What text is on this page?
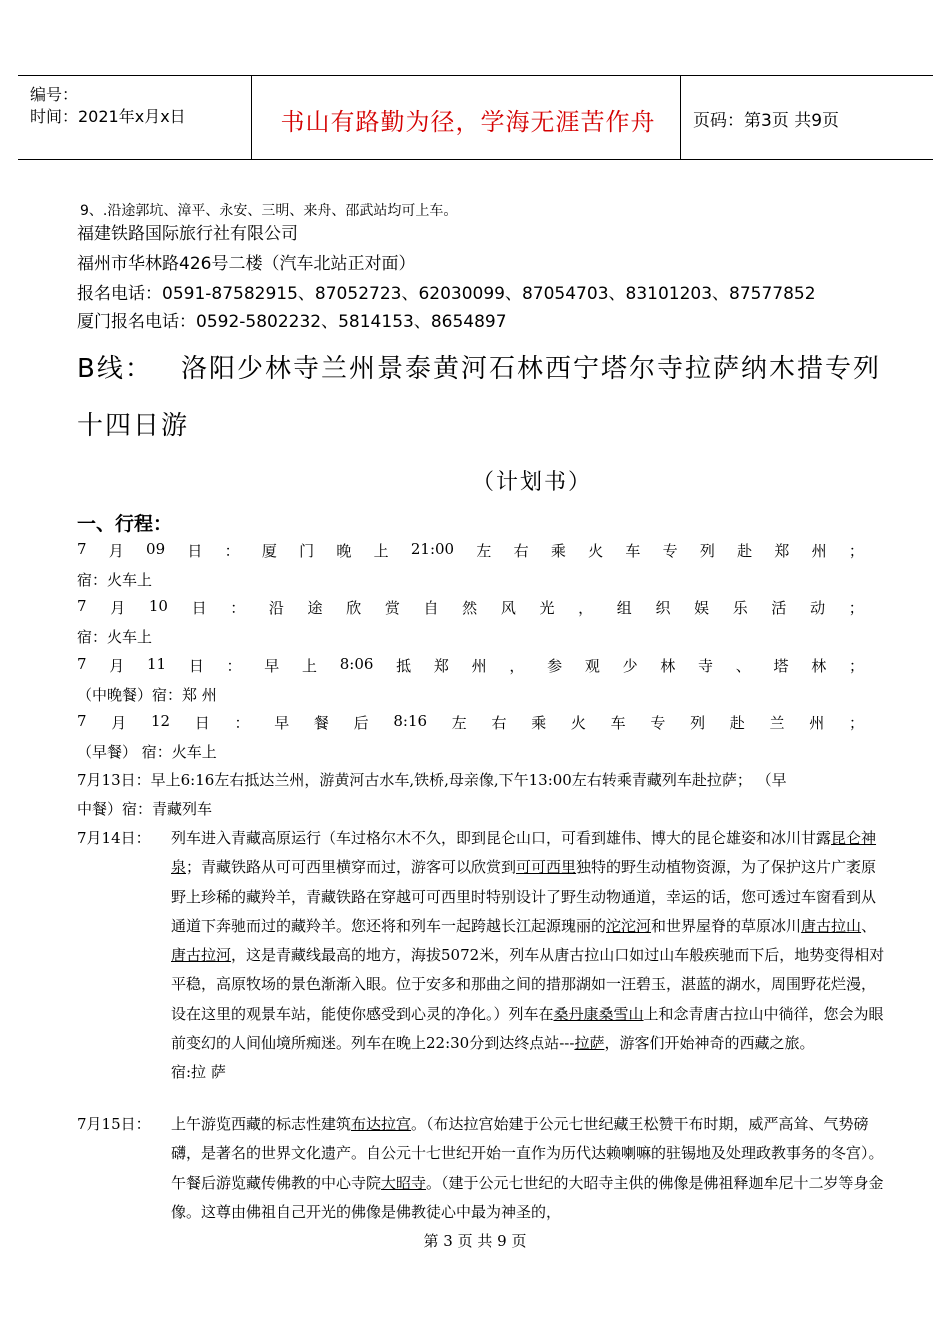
编号：
时间：2021年x月x日	书山有路勤为径，学海无涯苦作舟	页码：第3页 共9页
9、.沿途郭坑、漳平、永安、三明、来舟、邵武站均可上车。
福建铁路国际旅行社有限公司
福州市华林路426号二楼（汽车北站正对面）
报名电话：0591-87582915、87052723、62030099、87054703、83101203、87577852
厦门报名电话：0592-5802232、5814153、8654897
B线： 洛阳少林寺兰州景泰黄河石林西宁塔尔寺拉萨纳木措专列
十四日游
（计划书）
一、行程：
7 月 09 日 ： 厦 门 晚 上 21:00 左 右 乘 火 车 专 列 赴 郑 州 ；
宿：火车上
7 月 10 日 ： 沿 途 欣 赏 自 然 风 光 ， 组 织 娱 乐 活 动 ；
宿：火车上
7 月 11 日 ： 早 上 8:06 抵 郑 州 ， 参 观 少 林 寺 、 塔 林 ；
（中晚餐）宿：郑 州
7 月 12 日 ： 早 餐 后 8:16 左 右 乘 火 车 专 列 赴 兰 州 ；
（早餐） 宿：火车上
7月13日：早上6:16左右抵达兰州，游黄河古水车,铁桥,母亲像,下午13:00左右转乘青藏列车赴拉萨； （早
中餐）宿：青藏列车
7月14日： 列车进入青藏高原运行（车过格尔木不久，即到昆仑山口，可看到雄伟、博大的昆仑雄姿和冰川甘露昆仑神泉；青藏铁路从可可西里横穿而过，游客可以欣赏到可可西里独特的野生动植物资源，为了保护这片广袤原野上珍稀的藏羚羊，青藏铁路在穿越可可西里时特别设计了野生动物通道，幸运的话，您可透过车窗看到从通道下奔驰而过的藏羚羊。您还将和列车一起跨越长江起源瑰丽的沱沱河和世界屋脊的草原冰川唐古拉山、唐古拉河，这是青藏线最高的地方，海拔5072米，列车从唐古拉山口如过山车般疾驰而下后，地势变得相对平稳，高原牧场的景色渐渐入眼。位于安多和那曲之间的措那湖如一汪碧玉，湛蓝的湖水，周围野花烂漫，设在这里的观景车站，能使你感受到心灵的净化。）列车在桑丹康桑雪山上和念青唐古拉山中徜徉，您会为眼前变幻的人间仙境所痴迷。列车在晚上22:30分到达终点站---拉萨，游客们开始神奇的西藏之旅。
宿:拉 萨
7月15日： 上午游览西藏的标志性建筑布达拉宫。（布达拉宫始建于公元七世纪藏王松赞干布时期，威严高耸、气势磅礴，是著名的世界文化遗产。自公元十七世纪开始一直作为历代达赖喇嘛的驻锡地及处理政教事务的冬宫）。午餐后游览藏传佛教的中心寺院大昭寺。（建于公元七世纪的大昭寺主供的佛像是佛祖释迦牟尼十二岁等身金像。这尊由佛祖自己开光的佛像是佛教徒心中最为神圣的，
第 3 页 共 9 页
